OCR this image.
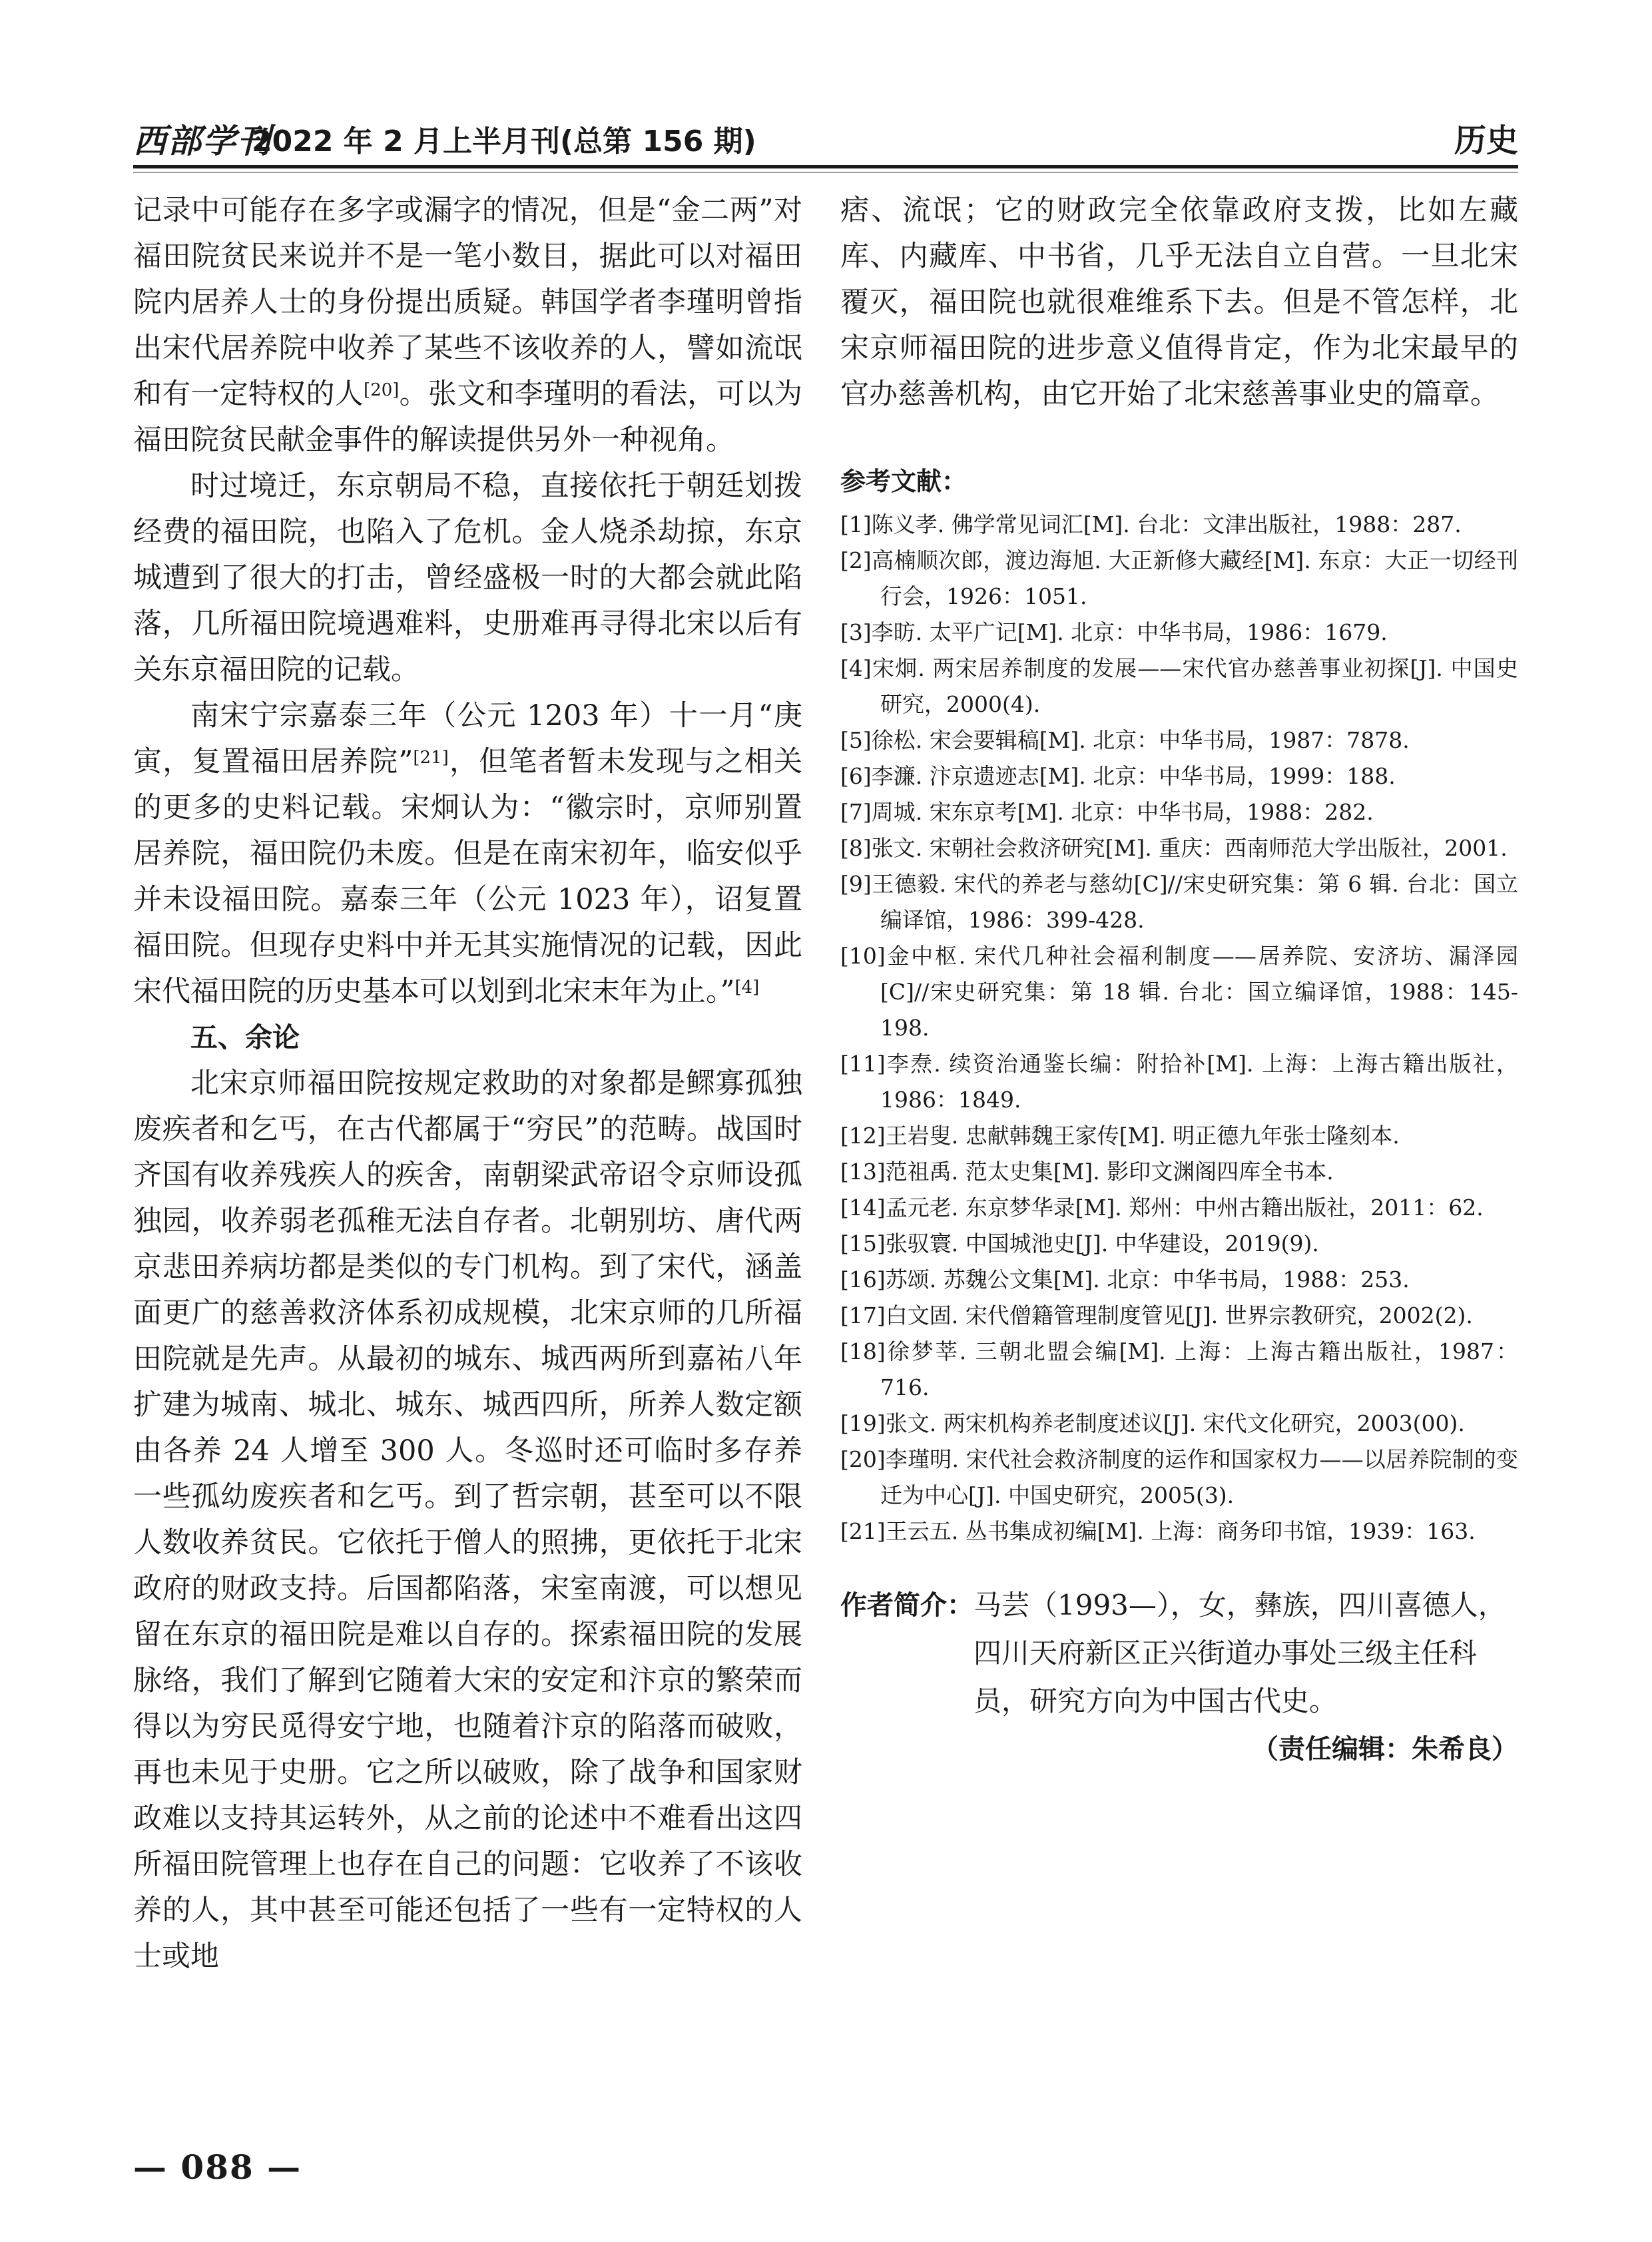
西部学刊
2022 年 2 月上半月刊(总第 156 期)	历史

记录中可能存在多字或漏字的情况，但是“金二两”对福田院贫民来说并不是一笔小数目，据此可以对福田院内居养人士的身份提出质疑。韩国学者李瑾明曾指出宋代居养院中收养了某些不该收养的人，譬如流氓和有一定特权的人[20]。张文和李瑾明的看法，可以为福田院贫民献金事件的解读提供另外一种视角。

时过境迁，东京朝局不稳，直接依托于朝廷划拨经费的福田院，也陷入了危机。金人烧杀劫掠，东京城遭到了很大的打击，曾经盛极一时的大都会就此陷落，几所福田院境遇难料，史册难再寻得北宋以后有关东京福田院的记载。

南宋宁宗嘉泰三年（公元 1203 年）十一月“庚寅，复置福田居养院”[21]，但笔者暂未发现与之相关的更多的史料记载。宋炯认为：“徽宗时，京师别置居养院，福田院仍未废。但是在南宋初年，临安似乎并未设福田院。嘉泰三年（公元 1023 年），诏复置福田院。但现存史料中并无其实施情况的记载，因此宋代福田院的历史基本可以划到北宋末年为止。”[4]

五、余论

北宋京师福田院按规定救助的对象都是鳏寡孤独废疾者和乞丐，在古代都属于“穷民”的范畴。战国时齐国有收养残疾人的疾舍，南朝梁武帝诏令京师设孤独园，收养弱老孤稚无法自存者。北朝别坊、唐代两京悲田养病坊都是类似的专门机构。到了宋代，涵盖面更广的慈善救济体系初成规模，北宋京师的几所福田院就是先声。从最初的城东、城西两所到嘉祐八年扩建为城南、城北、城东、城西四所，所养人数定额由各养 24 人增至 300 人。冬巡时还可临时多存养一些孤幼废疾者和乞丐。到了哲宗朝，甚至可以不限人数收养贫民。它依托于僧人的照拂，更依托于北宋政府的财政支持。后国都陷落，宋室南渡，可以想见留在东京的福田院是难以自存的。探索福田院的发展脉络，我们了解到它随着大宋的安定和汴京的繁荣而得以为穷民觅得安宁地，也随着汴京的陷落而破败，再也未见于史册。它之所以破败，除了战争和国家财政难以支持其运转外，从之前的论述中不难看出这四所福田院管理上也存在自己的问题：它收养了不该收养的人，其中甚至可能还包括了一些有一定特权的人士或地

痞、流氓；它的财政完全依靠政府支拨，比如左藏库、内藏库、中书省，几乎无法自立自营。一旦北宋覆灭，福田院也就很难维系下去。但是不管怎样，北宋京师福田院的进步意义值得肯定，作为北宋最早的官办慈善机构，由它开始了北宋慈善事业史的篇章。

参考文献：

[1]陈义孝. 佛学常见词汇[M]. 台北：文津出版社，1988：287.

[2]高楠顺次郎，渡边海旭. 大正新修大藏经[M]. 东京：大正一切经刊行会，1926：1051.

[3]李昉. 太平广记[M]. 北京：中华书局，1986：1679.

[4]宋炯. 两宋居养制度的发展——宋代官办慈善事业初探[J]. 中国史研究，2000(4).

[5]徐松. 宋会要辑稿[M]. 北京：中华书局，1987：7878.

[6]李濂. 汴京遗迹志[M]. 北京：中华书局，1999：188.

[7]周城. 宋东京考[M]. 北京：中华书局，1988：282.

[8]张文. 宋朝社会救济研究[M]. 重庆：西南师范大学出版社，2001.

[9]王德毅. 宋代的养老与慈幼[C]//宋史研究集：第 6 辑. 台北：国立编译馆，1986：399-428.

[10]金中枢. 宋代几种社会福利制度——居养院、安济坊、漏泽园[C]//宋史研究集：第 18 辑. 台北：国立编译馆，1988：145-198.

[11]李焘. 续资治通鉴长编：附拾补[M]. 上海：上海古籍出版社，1986：1849.

[12]王岩叟. 忠献韩魏王家传[M]. 明正德九年张士隆刻本.

[13]范祖禹. 范太史集[M]. 影印文渊阁四库全书本.

[14]孟元老. 东京梦华录[M]. 郑州：中州古籍出版社，2011：62.

[15]张驭寰. 中国城池史[J]. 中华建设，2019(9).

[16]苏颂. 苏魏公文集[M]. 北京：中华书局，1988：253.

[17]白文固. 宋代僧籍管理制度管见[J]. 世界宗教研究，2002(2).

[18]徐梦莘. 三朝北盟会编[M]. 上海：上海古籍出版社，1987：716.

[19]张文. 两宋机构养老制度述议[J]. 宋代文化研究，2003(00).

[20]李瑾明. 宋代社会救济制度的运作和国家权力——以居养院制的变迁为中心[J]. 中国史研究，2005(3).

[21]王云五. 丛书集成初编[M]. 上海：商务印书馆，1939：163.

作者简介： 马芸（1993—），女，彝族，四川喜德人，四川天府新区正兴街道办事处三级主任科员，研究方向为中国古代史。
（责任编辑：朱希良）
— 088 —
